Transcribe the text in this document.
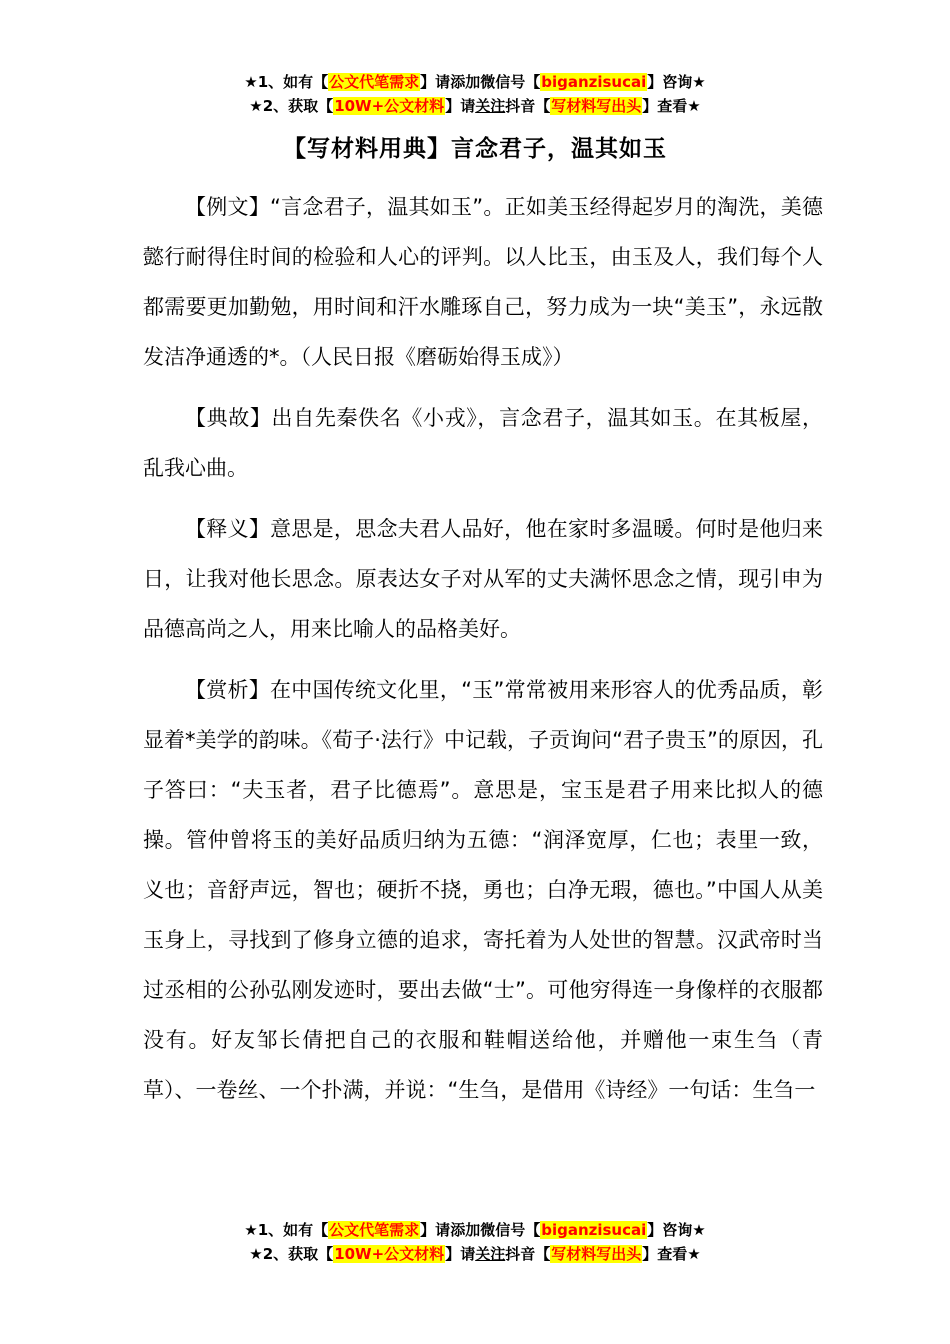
★1、如有【公文代笔需求】请添加微信号【biganzisucai】咨询★
★2、获取【10W+公文材料】请关注抖音【写材料写出头】查看★
【写材料用典】言念君子，温其如玉

【例文】“言念君子，温其如玉”。正如美玉经得起岁月的淘洗，美德懿行耐得住时间的检验和人心的评判。以人比玉，由玉及人，我们每个人都需要更加勤勉，用时间和汗水雕琢自己，努力成为一块“美玉”，永远散发洁净通透的*。（人民日报《磨砺始得玉成》）

【典故】出自先秦佚名《小戎》，言念君子，温其如玉。在其板屋，乱我心曲。

【释义】意思是，思念夫君人品好，他在家时多温暖。何时是他归来日，让我对他长思念。原表达女子对从军的丈夫满怀思念之情，现引申为品德高尚之人，用来比喻人的品格美好。

【赏析】在中国传统文化里，“玉”常常被用来形容人的优秀品质，彰显着*美学的韵味。《荀子·法行》中记载，子贡询问“君子贵玉”的原因，孔子答曰：“夫玉者，君子比德焉”。意思是，宝玉是君子用来比拟人的德操。管仲曾将玉的美好品质归纳为五德：“润泽宽厚，仁也；表里一致，义也；音舒声远，智也；硬折不挠，勇也；白净无瑕，德也。”中国人从美玉身上，寻找到了修身立德的追求，寄托着为人处世的智慧。汉武帝时当过丞相的公孙弘刚发迹时，要出去做“士”。可他穷得连一身像样的衣服都没有。好友邹长倩把自己的衣服和鞋帽送给他，并赠他一束生刍（青草）、一卷丝、一个扑满，并说：“生刍，是借用《诗经》一句话：生刍一

★1、如有【公文代笔需求】请添加微信号【biganzisucai】咨询★
★2、获取【10W+公文材料】请关注抖音【写材料写出头】查看★
